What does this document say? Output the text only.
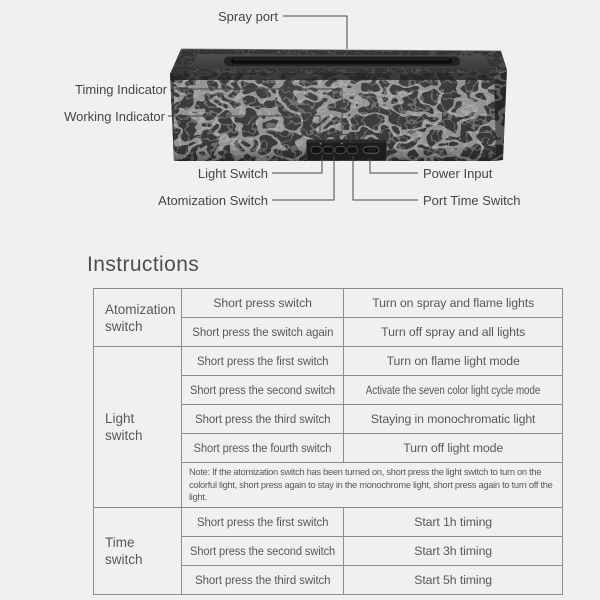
Spray port
Timing Indicator
Working Indicator
Light Switch
Atomization Switch
Power Input
Port Time Switch
Instructions
Atomization switch	Short press switch	Turn on spray and flame lights
	Short press the switch again	Turn off spray and all lights

Light switch	Short press the first switch	Turn on flame light mode
	Short press the second switch	Activate the seven color light cycle mode
	Short press the third switch	Staying in monochromatic light
	Short press the fourth switch	Turn off light mode

	Note: If the atomization switch has been turned on, short press the light switch to turn on the colorful light, short press again to stay in the monochrome light, short press again to turn off the light.	

Time switch	Short press the first switch	Start 1h timing
	Short press the second switch	Start 3h timing
	Short press the third switch	Start 5h timing
